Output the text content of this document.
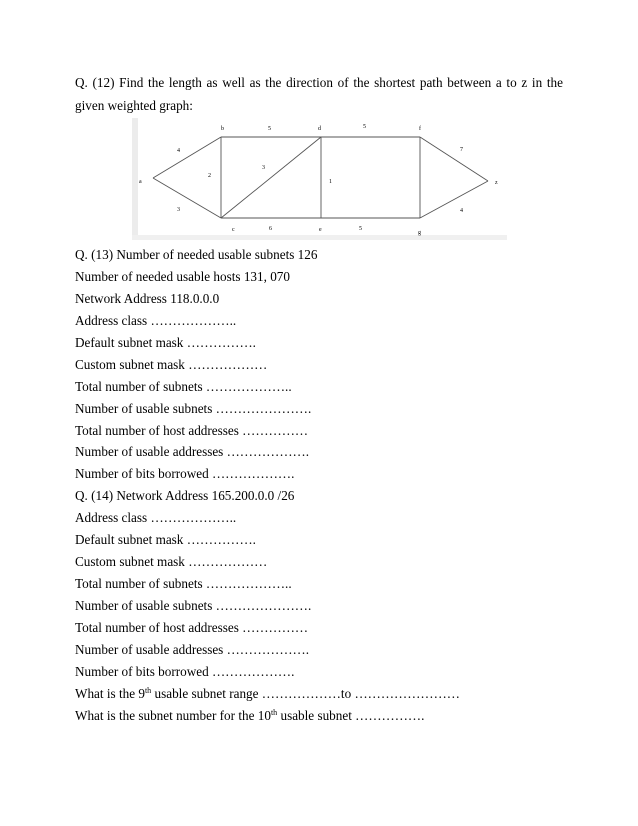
Q. (12) Find the length as well as the direction of the shortest path between a to z in the given weighted graph:

a
b
c
d
e
f
g
z
4
3
2
5
3
1
6
5
5
7
4
Q. (13) Number of needed usable subnets 126
Number of needed usable hosts 131, 070
Network Address 118.0.0.0
Address class ………………..
Default subnet mask …………….
Custom subnet mask ………………
Total number of subnets ………………..
Number of usable subnets ………………….
Total number of host addresses ……………
Number of usable addresses ……………….
Number of bits borrowed ……………….
Q. (14) Network Address 165.200.0.0 /26
Address class ………………..
Default subnet mask …………….
Custom subnet mask ………………
Total number of subnets ………………..
Number of usable subnets ………………….
Total number of host addresses ……………
Number of usable addresses ……………….
Number of bits borrowed ……………….
What is the 9th usable subnet range ………………to ……………………
What is the subnet number for the 10th usable subnet …………….
